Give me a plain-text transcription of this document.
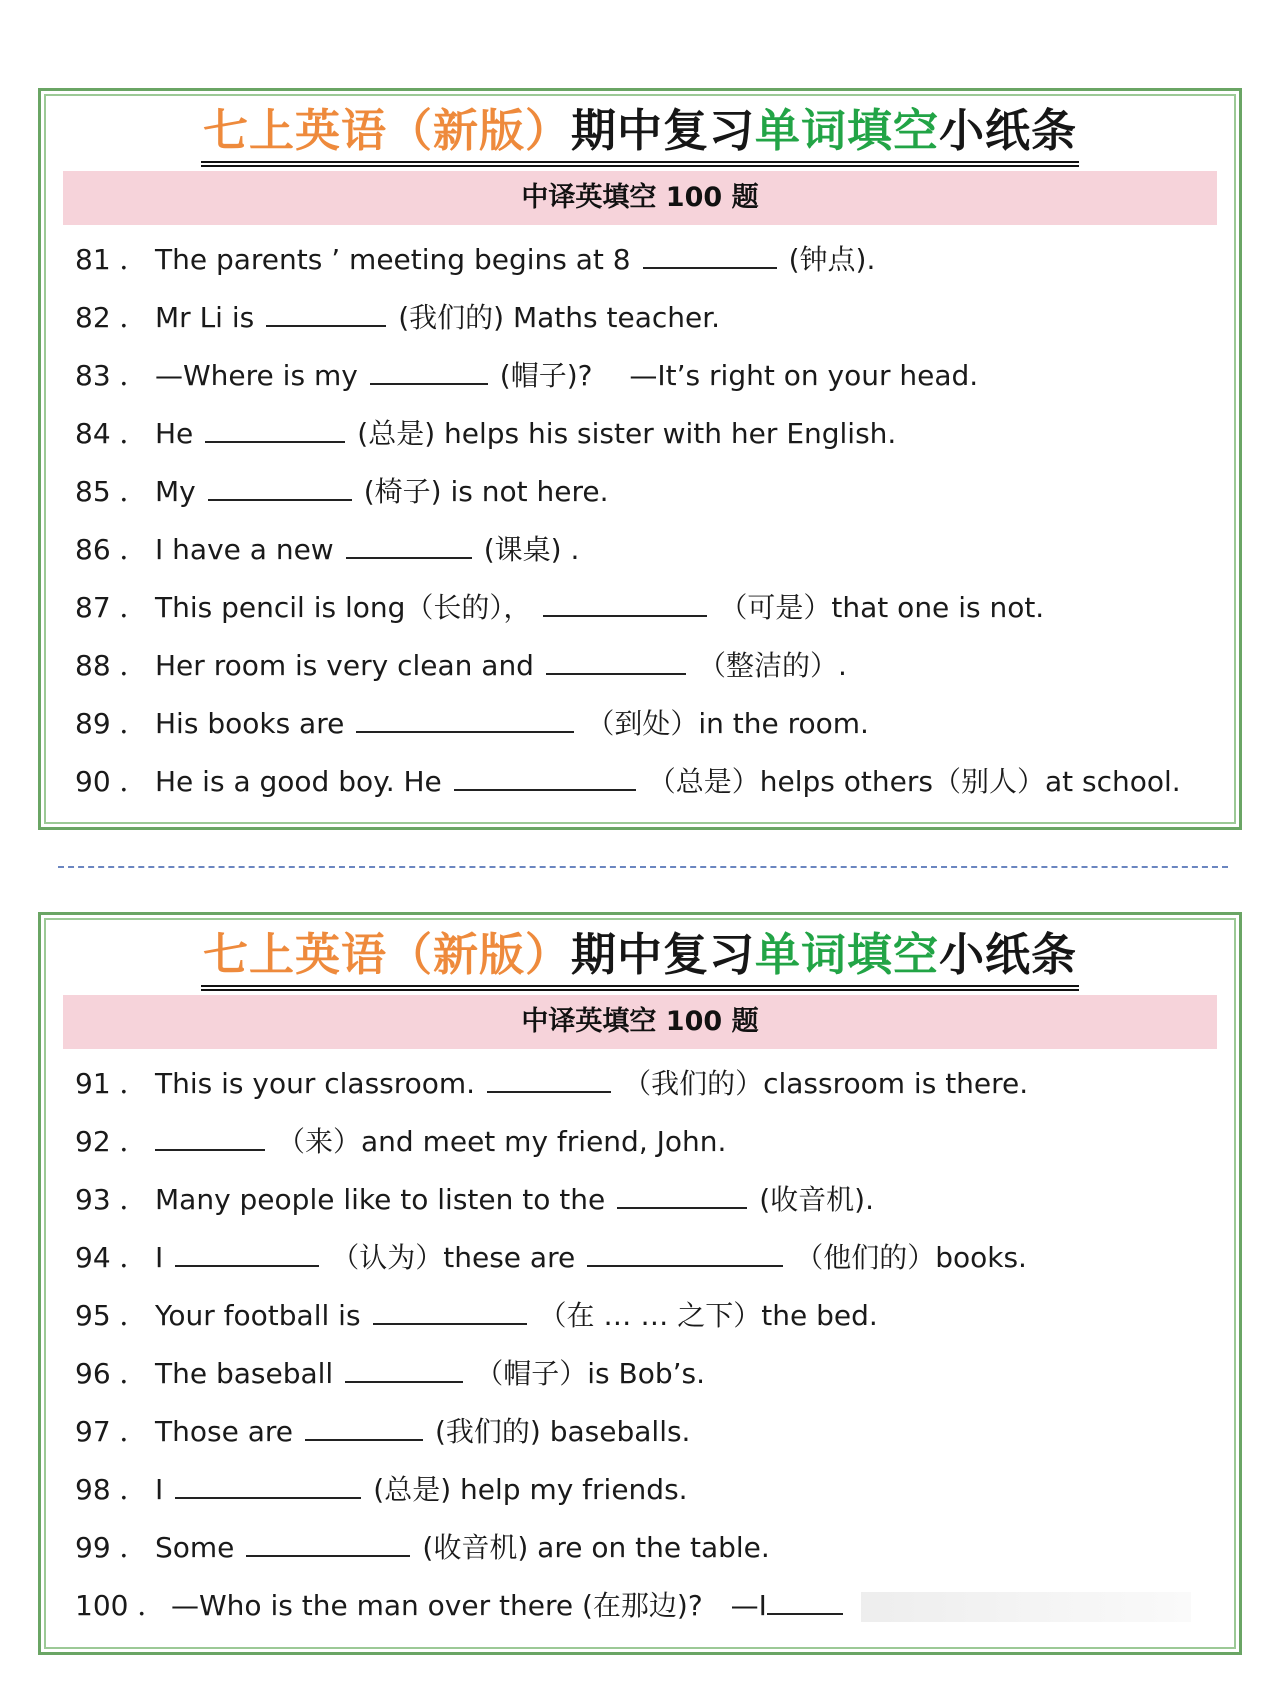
七上英语（新版）期中复习单词填空小纸条
中译英填空 100 题
81 ． The parents ’ meeting begins at 8	(钟点).
82 ． Mr Li is	(我们的) Maths teacher.
83 ． —Where is my	(帽子)?　 —It’s right on your head.
84 ． He	(总是) helps his sister with her English.
85 ． My	(椅子) is not here.
86 ． I have a new	(课桌) .
87 ． This pencil is long（长的），	（可是）that one is not.
88 ． Her room is very clean and	（整洁的）.
89 ． His books are	（到处）in the room.
90 ． He is a good boy. He	（总是）helps others（别人）at school.
七上英语（新版）期中复习单词填空小纸条
中译英填空 100 题
91 ． This is your classroom.	（我们的）classroom is there.
92 ．	（来）and meet my friend, John.
93 ． Many people like to listen to the	(收音机).
94 ． I	（认为）these are	（他们的）books.
95 ． Your football is	（在 … … 之下）the bed.
96 ． The baseball	（帽子）is Bob’s.
97 ． Those are	(我们的) baseballs.
98 ． I	(总是) help my friends.
99 ． Some	(收音机) are on the table.
100 ． —Who is the man over there (在那边)?　—I
